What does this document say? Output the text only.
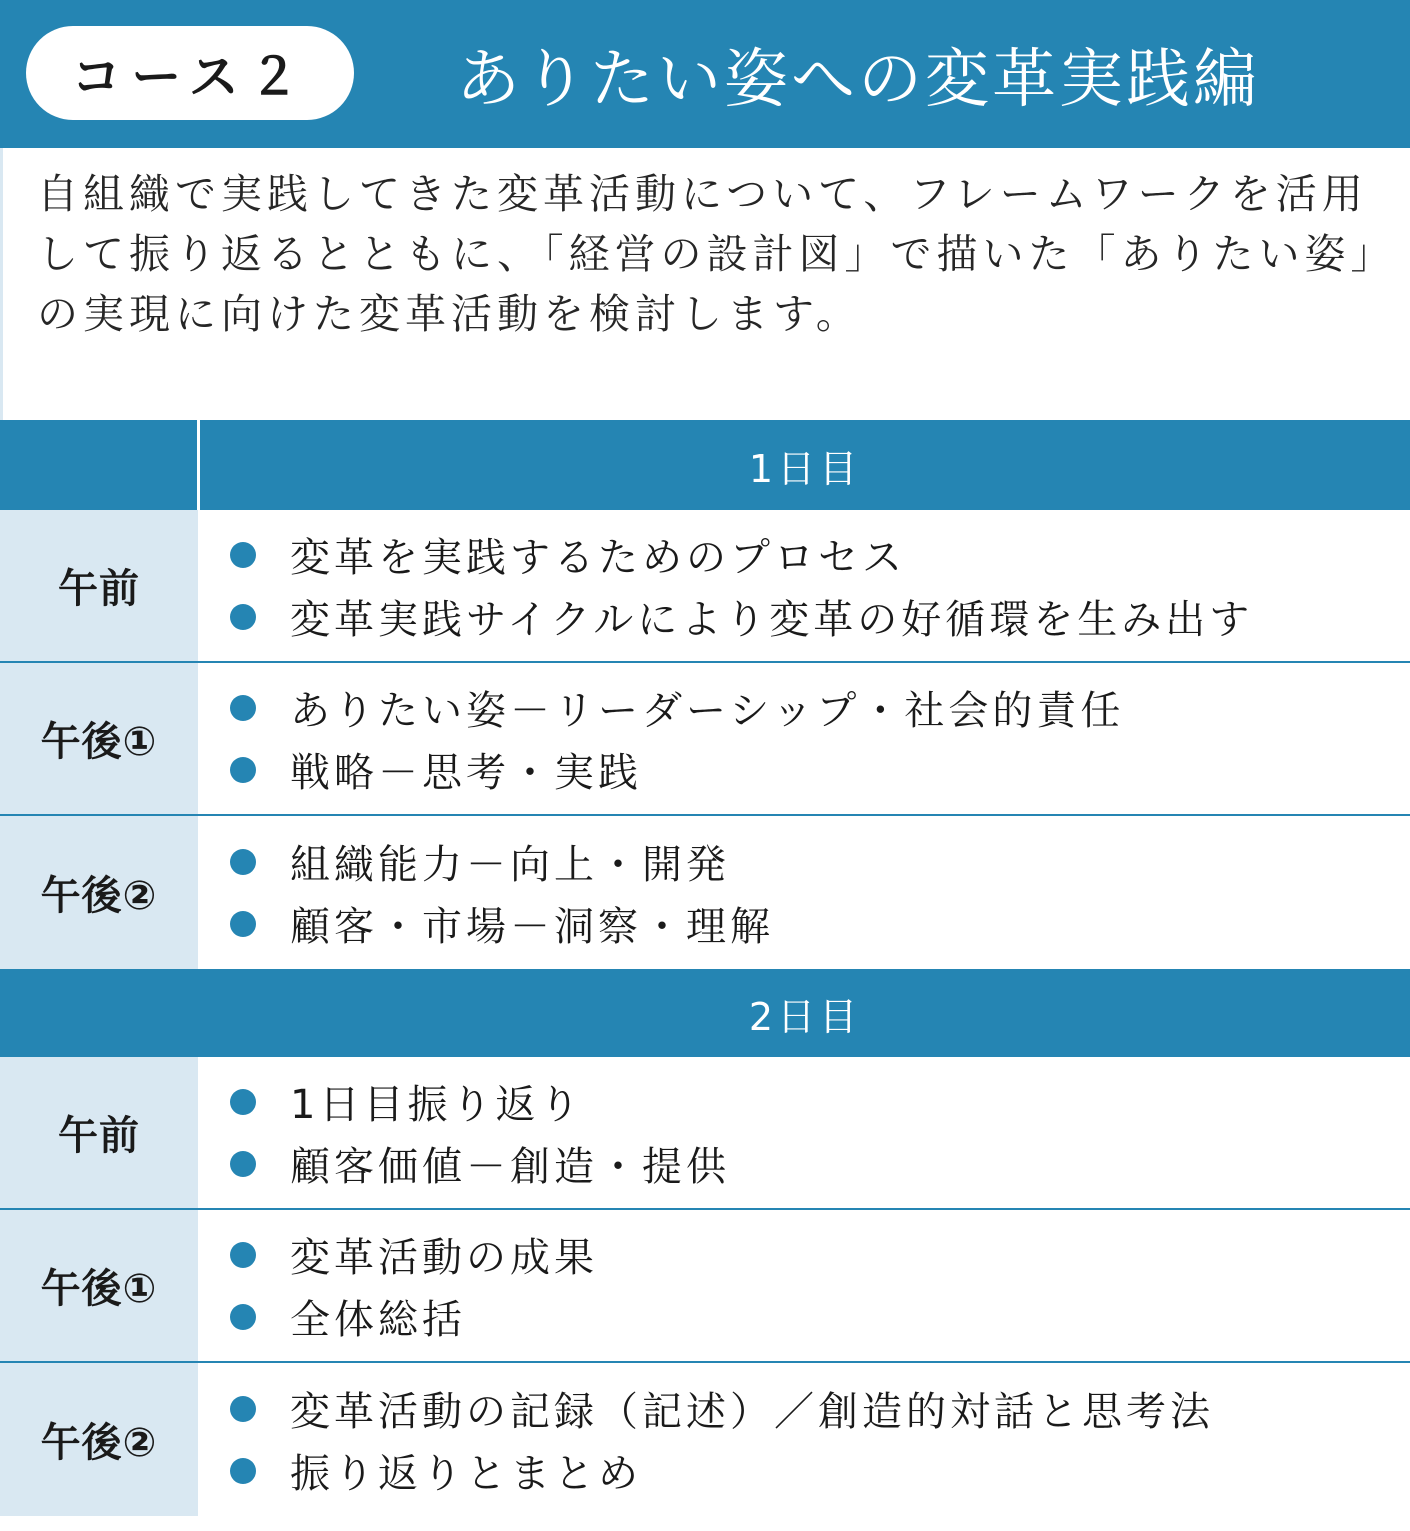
コース２	ありたい姿への変革実践編

自組織で実践してきた変革活動について、フレームワークを活用して振り返るとともに、「経営の設計図」で描いた「ありたい姿」の実現に向けた変革活動を検討します。

1日目
午前
変革を実践するためのプロセス
変革実践サイクルにより変革の好循環を生み出す
午後①
ありたい姿－リーダーシップ・社会的責任
戦略－思考・実践
午後②
組織能力－向上・開発
顧客・市場－洞察・理解
2日目
午前
1日目振り返り
顧客価値－創造・提供
午後①
変革活動の成果
全体総括
午後②
変革活動の記録（記述）／創造的対話と思考法
振り返りとまとめ
